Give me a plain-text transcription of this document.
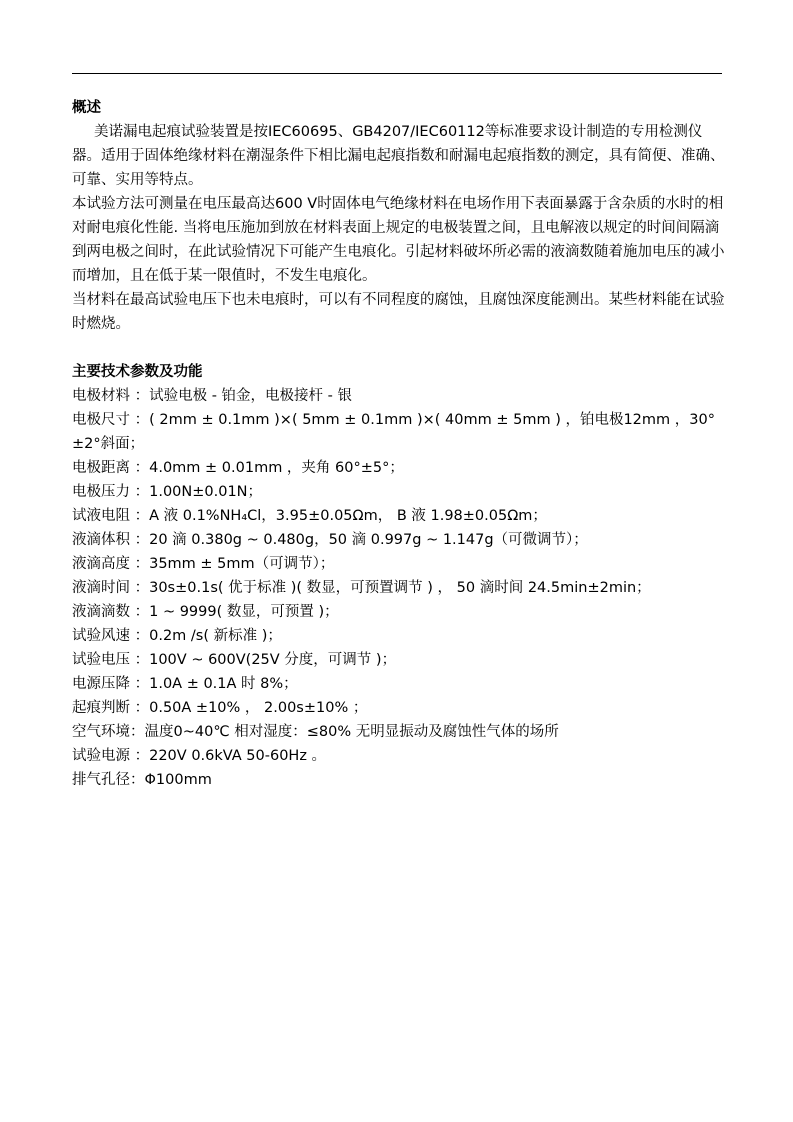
概述

美诺漏电起痕试验装置是按IEC60695、GB4207/IEC60112等标准要求设计制造的专用检测仪器。适用于固体绝缘材料在潮湿条件下相比漏电起痕指数和耐漏电起痕指数的测定，具有简便、准确、可靠、实用等特点。

本试验方法可测量在电压最高达600 V时固体电气绝缘材料在电场作用下表面暴露于含杂质的水时的相对耐电痕化性能. 当将电压施加到放在材料表面上规定的电极装置之间，且电解液以规定的时间间隔滴到两电极之间时，在此试验情况下可能产生电痕化。引起材料破坏所必需的液滴数随着施加电压的减小而增加，且在低于某一限值时，不发生电痕化。

当材料在最高试验电压下也未电痕时，可以有不同程度的腐蚀，且腐蚀深度能测出。某些材料能在试验时燃烧。

主要技术参数及功能

电极材料 ：试验电极 - 铂金，电极接杆 - 银

电极尺寸 ：( 2mm ± 0.1mm )×( 5mm ± 0.1mm )×( 40mm ± 5mm ) ，铂电极12mm ，30°±2°斜面；

电极距离 ：4.0mm ± 0.01mm ，夹角 60°±5°；

电极压力 ：1.00N±0.01N；

试液电阻 ：A 液 0.1%NH₄Cl，3.95±0.05Ωm， B 液 1.98±0.05Ωm；

液滴体积 ：20 滴 0.380g ~ 0.480g，50 滴 0.997g ~ 1.147g（可微调节）；

液滴高度 ：35mm ± 5mm（可调节）；

液滴时间 ：30s±0.1s( 优于标准 )( 数显，可预置调节 ) ， 50 滴时间 24.5min±2min；

液滴滴数 ：1 ~ 9999( 数显，可预置 )；

试验风速 ：0.2m /s( 新标准 )；

试验电压 ：100V ~ 600V(25V 分度，可调节 )；

电源压降 ：1.0A ± 0.1A 时 8%；

起痕判断 ：0.50A ±10% ， 2.00s±10% ；

空气环境：温度0~40℃ 相对湿度：≤80% 无明显振动及腐蚀性气体的场所

试验电源 ：220V 0.6kVA 50-60Hz 。

排气孔径：Φ100mm
